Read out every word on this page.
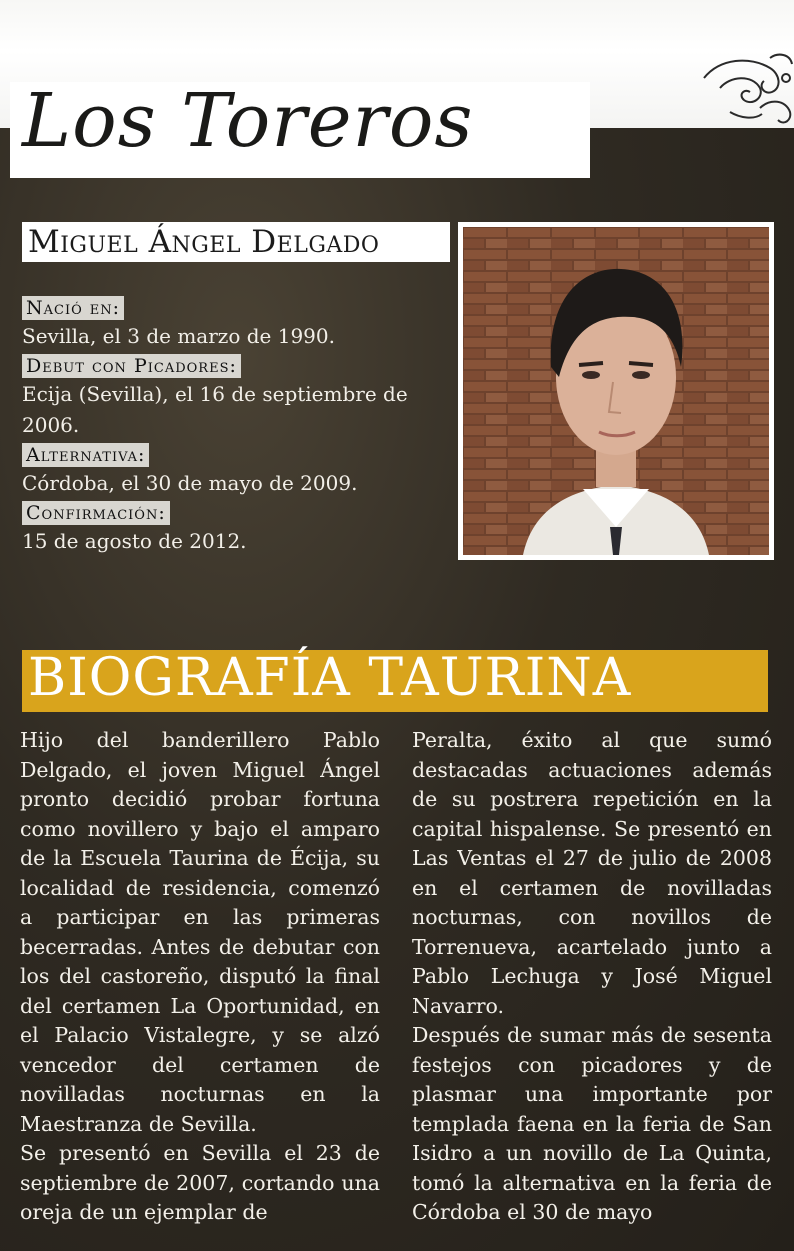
Los Toreros
Miguel Ángel Delgado
Nació en:
Sevilla, el 3 de marzo de 1990.
Debut con Picadores:
Ecija (Sevilla), el 16 de septiembre de 2006.
Alternativa:
Córdoba, el 30 de mayo de 2009.
Confirmación:
15 de agosto de 2012.
BIOGRAFÍA TAURINA

Hijo del banderillero Pablo Delgado, el joven Miguel Ángel pronto decidió probar fortuna como novillero y bajo el amparo de la Escuela Taurina de Écija, su localidad de residencia, comenzó a participar en las primeras becerradas. Antes de debutar con los del castoreño, disputó la final del certamen La Oportunidad, en el Palacio Vistalegre, y se alzó vencedor del certamen de novilladas nocturnas en la Maestranza de Sevilla.

Se presentó en Sevilla el 23 de septiembre de 2007, cortando una oreja de un ejemplar de

Peralta, éxito al que sumó destacadas actuaciones además de su postrera repetición en la capital hispalense. Se presentó en Las Ventas el 27 de julio de 2008 en el certamen de novilladas nocturnas, con novillos de Torrenueva, acartelado junto a Pablo Lechuga y José Miguel Navarro.

Después de sumar más de sesenta festejos con picadores y de plasmar una importante por templada faena en la feria de San Isidro a un novillo de La Quinta, tomó la alternativa en la feria de Córdoba el 30 de mayo
